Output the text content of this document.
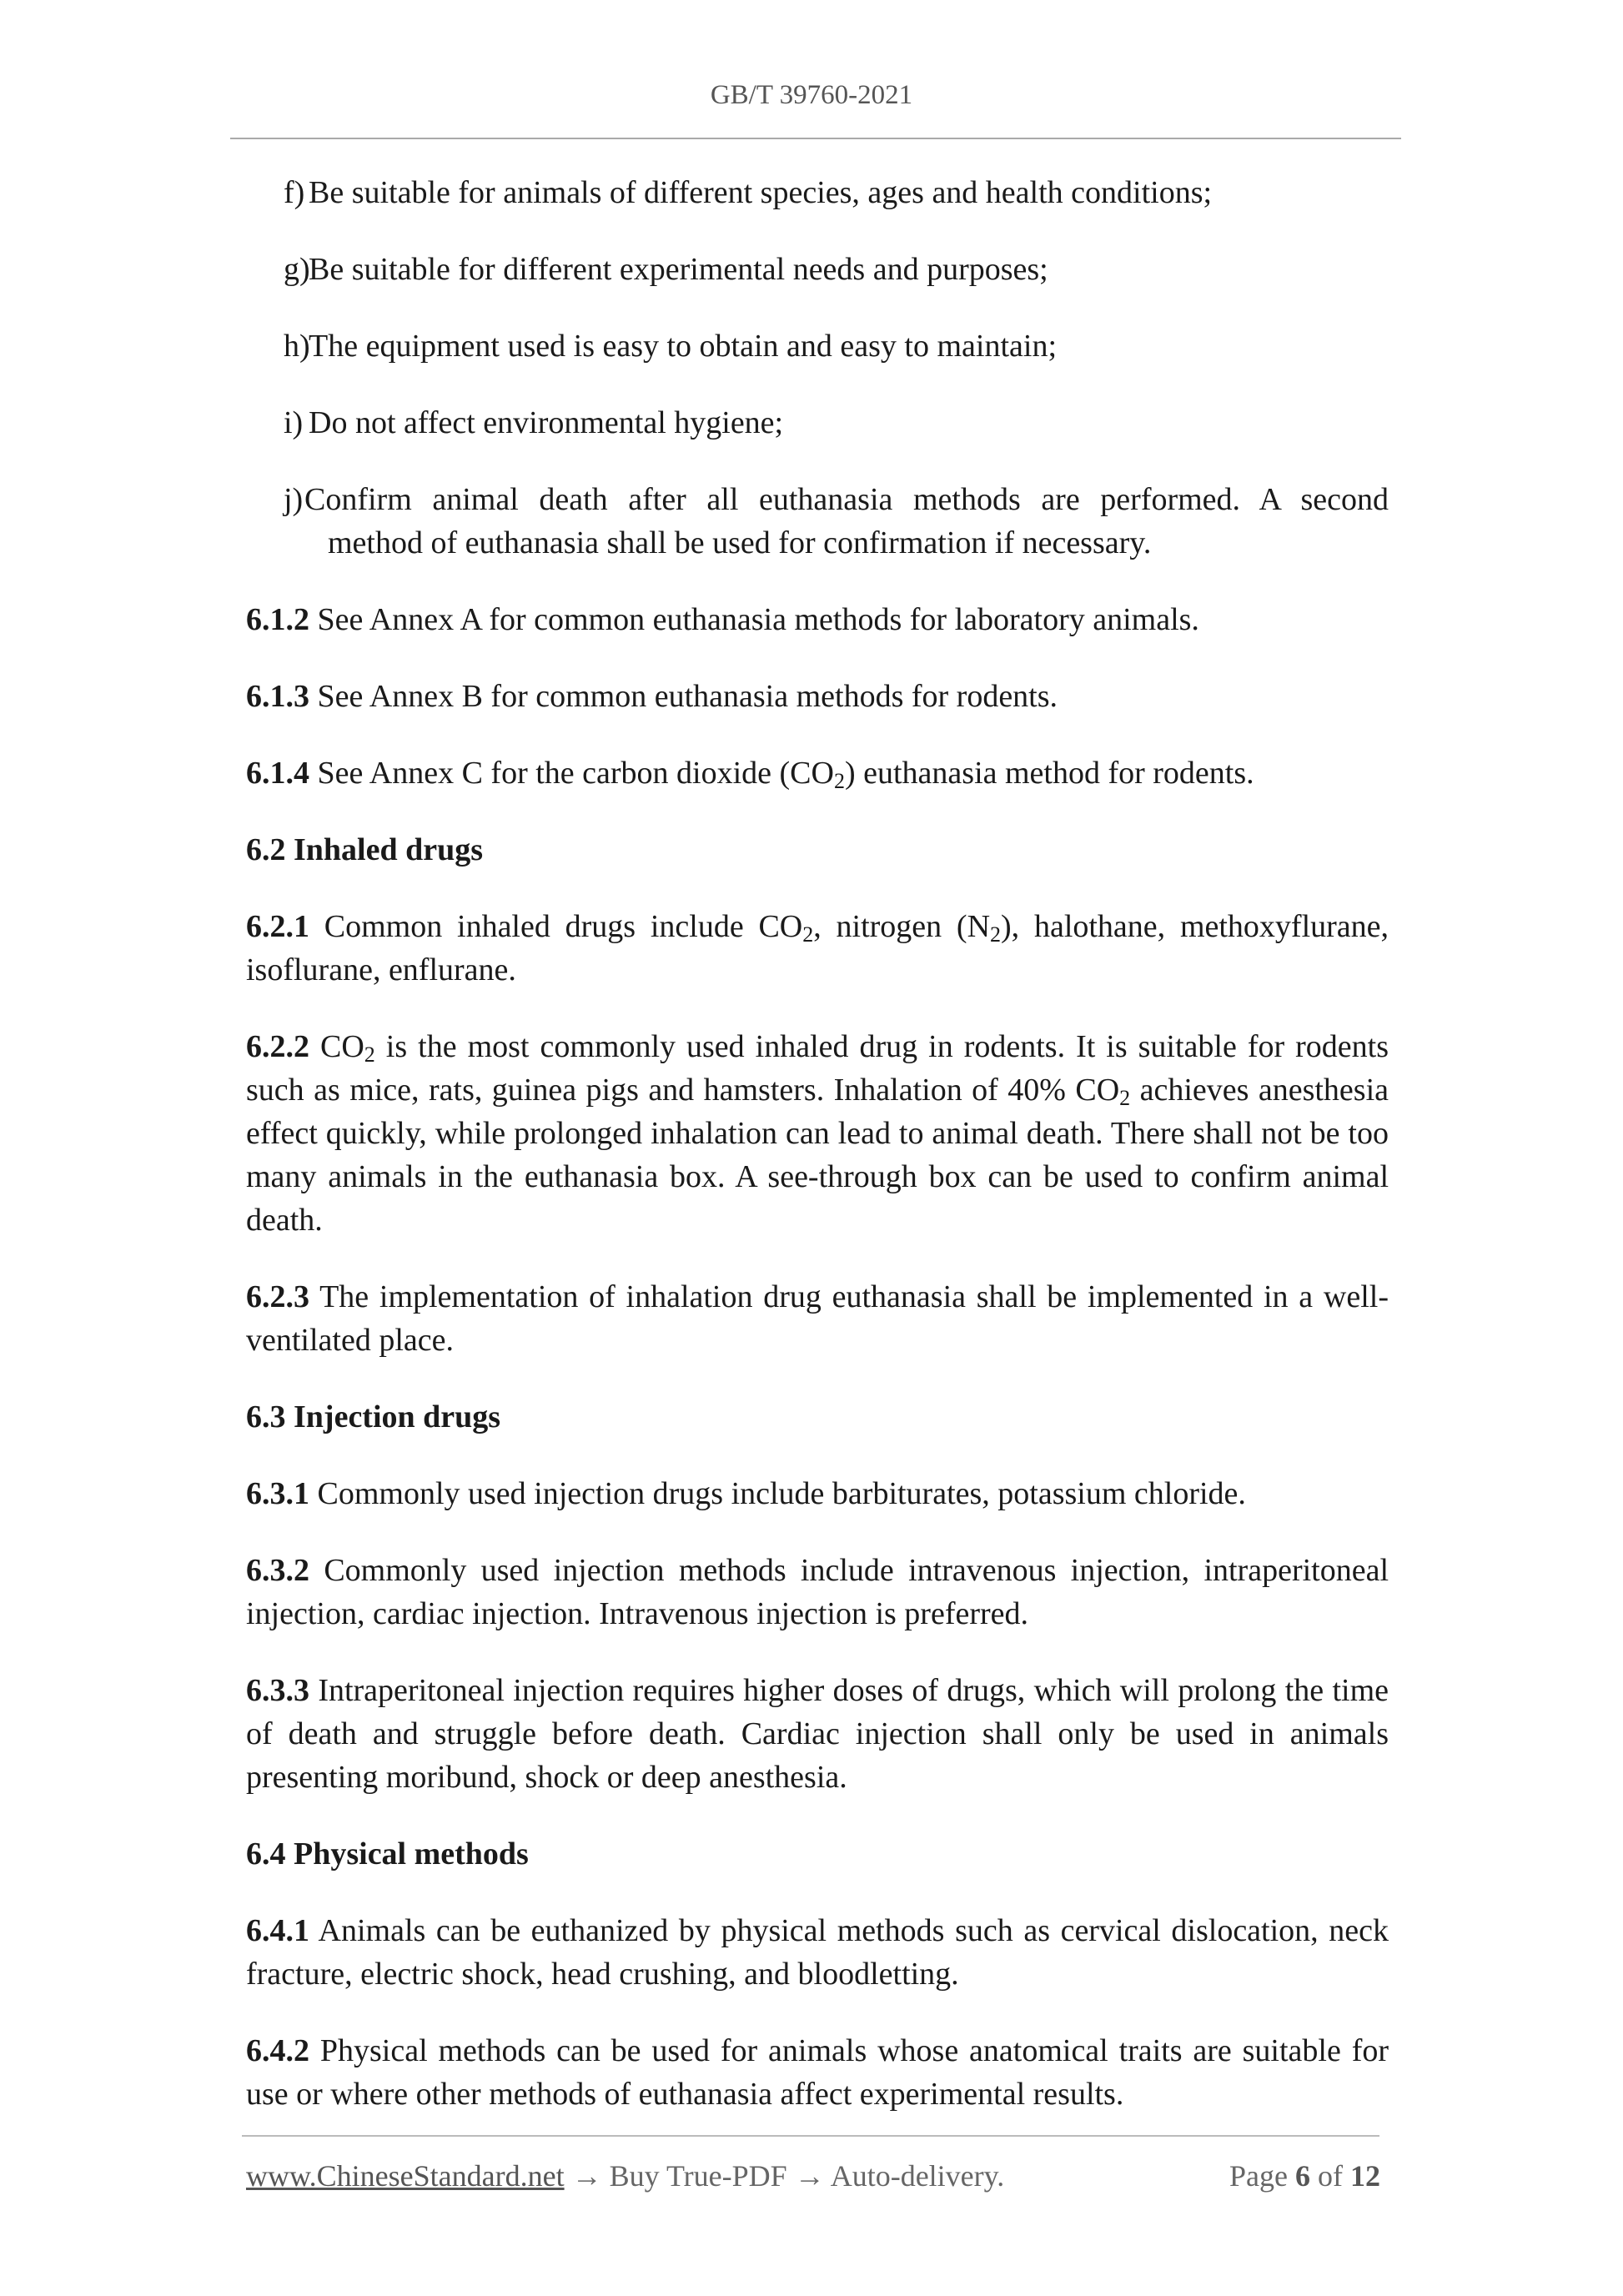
GB/T 39760-2021
f) Be suitable for animals of different species, ages and health conditions;
g)
Be suitable for different experimental needs and purposes;
h)
The equipment used is easy to obtain and easy to maintain;
i) Do not affect environmental hygiene;
j) Confirm animal death after all euthanasia methods are performed. A second
method of euthanasia shall be used for confirmation if necessary.

6.1.2 See Annex A for common euthanasia methods for laboratory animals.

6.1.3 See Annex B for common euthanasia methods for rodents.

6.1.4 See Annex C for the carbon dioxide $(CO_2)$ euthanasia method for rodents.

6.2 Inhaled drugs

6.2.1 Common inhaled drugs include $CO_2$, nitrogen $(N_2)$, halothane, methoxyflurane, isoflurane, enflurane.

6.2.2 $CO_2$ is the most commonly used inhaled drug in rodents. It is suitable for rodents such as mice, rats, guinea pigs and hamsters. Inhalation of 40% $CO_2$ achieves anesthesia effect quickly, while prolonged inhalation can lead to animal death. There shall not be too many animals in the euthanasia box. A see-through box can be used to confirm animal death.

6.2.3 The implementation of inhalation drug euthanasia shall be implemented in a well-ventilated place.

6.3 Injection drugs

6.3.1 Commonly used injection drugs include barbiturates, potassium chloride.

6.3.2 Commonly used injection methods include intravenous injection, intraperitoneal injection, cardiac injection. Intravenous injection is preferred.

6.3.3 Intraperitoneal injection requires higher doses of drugs, which will prolong the time of death and struggle before death. Cardiac injection shall only be used in animals presenting moribund, shock or deep anesthesia.

6.4 Physical methods

6.4.1 Animals can be euthanized by physical methods such as cervical dislocation, neck fracture, electric shock, head crushing, and bloodletting.

6.4.2 Physical methods can be used for animals whose anatomical traits are suitable for use or where other methods of euthanasia affect experimental results.

www.ChineseStandard.net → Buy True-PDF → Auto-delivery.	Page 6 of 12
